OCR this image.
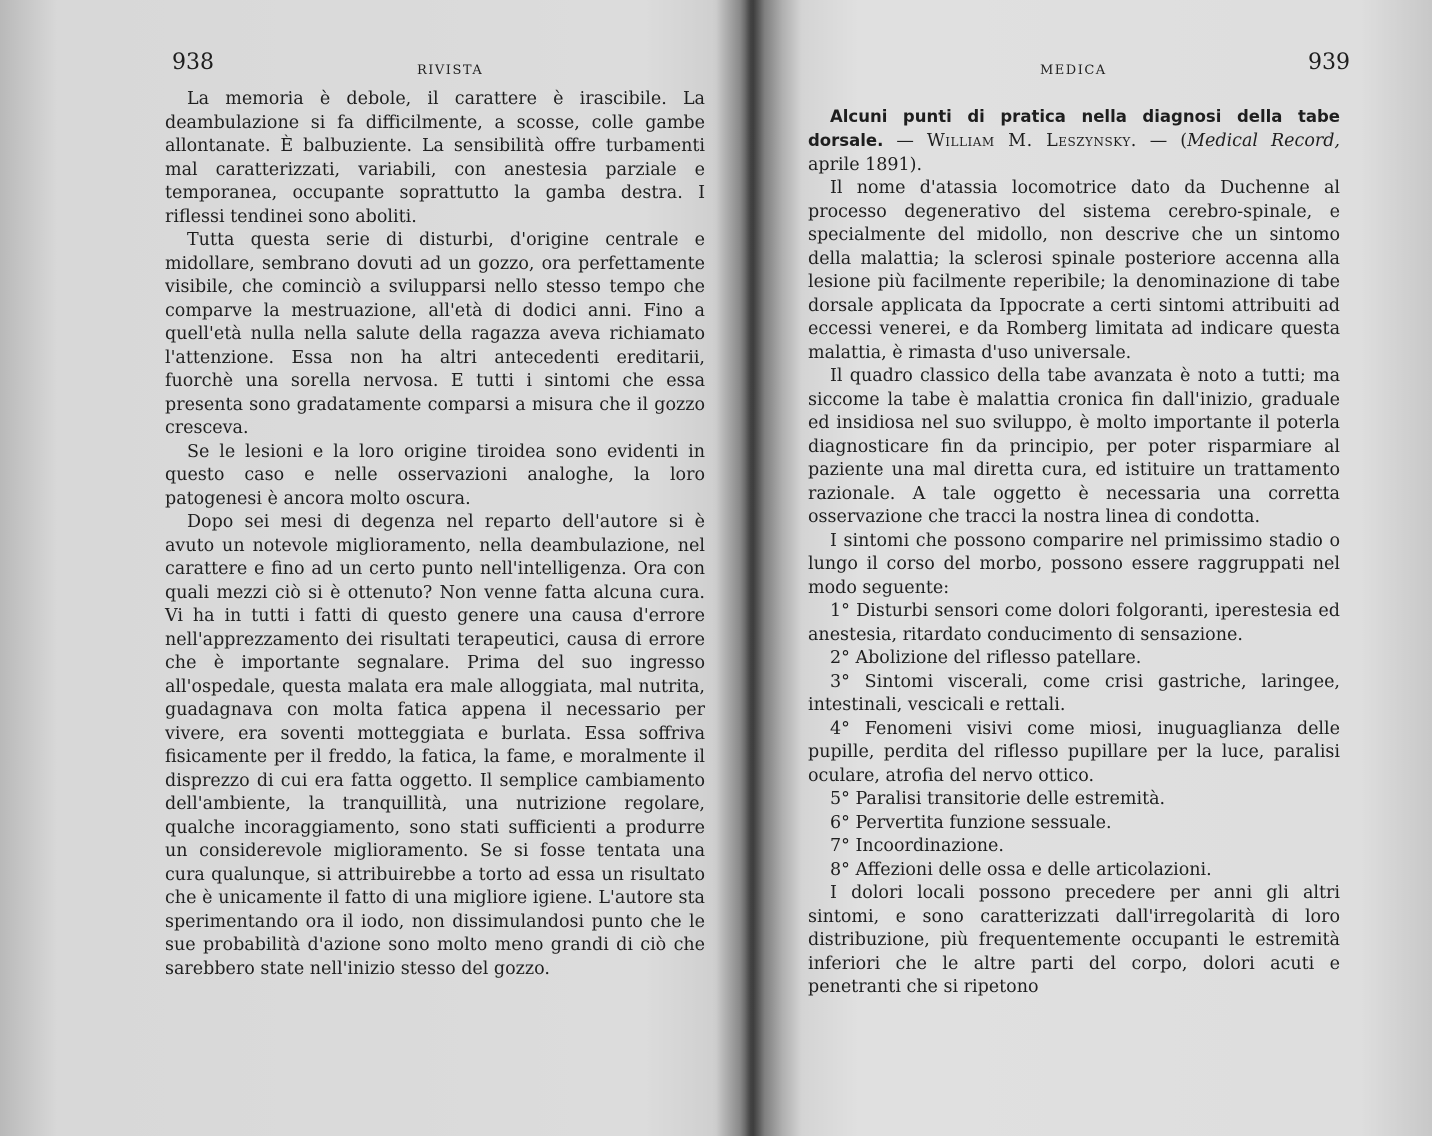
938	RIVISTA

La memoria è debole, il carattere è irascibile. La deambulazione si fa difficilmente, a scosse, colle gambe allontanate. È balbuziente. La sensibilità offre turbamenti mal caratterizzati, variabili, con anestesia parziale e temporanea, occupante soprattutto la gamba destra. I riflessi tendinei sono aboliti.

Tutta questa serie di disturbi, d'origine centrale e midollare, sembrano dovuti ad un gozzo, ora perfettamente visibile, che cominciò a svilupparsi nello stesso tempo che comparve la mestruazione, all'età di dodici anni. Fino a quell'età nulla nella salute della ragazza aveva richiamato l'attenzione. Essa non ha altri antecedenti ereditarii, fuorchè una sorella nervosa. E tutti i sintomi che essa presenta sono gradatamente comparsi a misura che il gozzo cresceva.

Se le lesioni e la loro origine tiroidea sono evidenti in questo caso e nelle osservazioni analoghe, la loro patogenesi è ancora molto oscura.

Dopo sei mesi di degenza nel reparto dell'autore si è avuto un notevole miglioramento, nella deambulazione, nel carattere e fino ad un certo punto nell'intelligenza. Ora con quali mezzi ciò si è ottenuto? Non venne fatta alcuna cura. Vi ha in tutti i fatti di questo genere una causa d'errore nell'apprezzamento dei risultati terapeutici, causa di errore che è importante segnalare. Prima del suo ingresso all'ospedale, questa malata era male alloggiata, mal nutrita, guadagnava con molta fatica appena il necessario per vivere, era soventi motteggiata e burlata. Essa soffriva fisicamente per il freddo, la fatica, la fame, e moralmente il disprezzo di cui era fatta oggetto. Il semplice cambiamento dell'ambiente, la tranquillità, una nutrizione regolare, qualche incoraggiamento, sono stati sufficienti a produrre un considerevole miglioramento. Se si fosse tentata una cura qualunque, si attribuirebbe a torto ad essa un risultato che è unicamente il fatto di una migliore igiene. L'autore sta sperimentando ora il iodo, non dissimulandosi punto che le sue probabilità d'azione sono molto meno grandi di ciò che sarebbero state nell'inizio stesso del gozzo.

MEDICA	939

Alcuni punti di pratica nella diagnosi della tabe dorsale. — William M. Leszynsky. — (Medical Record, aprile 1891).

Il nome d'atassia locomotrice dato da Duchenne al processo degenerativo del sistema cerebro-spinale, e specialmente del midollo, non descrive che un sintomo della malattia; la sclerosi spinale posteriore accenna alla lesione più facilmente reperibile; la denominazione di tabe dorsale applicata da Ippocrate a certi sintomi attribuiti ad eccessi venerei, e da Romberg limitata ad indicare questa malattia, è rimasta d'uso universale.

Il quadro classico della tabe avanzata è noto a tutti; ma siccome la tabe è malattia cronica fin dall'inizio, graduale ed insidiosa nel suo sviluppo, è molto importante il poterla diagnosticare fin da principio, per poter risparmiare al paziente una mal diretta cura, ed istituire un trattamento razionale. A tale oggetto è necessaria una corretta osservazione che tracci la nostra linea di condotta.

I sintomi che possono comparire nel primissimo stadio o lungo il corso del morbo, possono essere raggruppati nel modo seguente:

1° Disturbi sensori come dolori folgoranti, iperestesia ed anestesia, ritardato conducimento di sensazione.

2° Abolizione del riflesso patellare.

3° Sintomi viscerali, come crisi gastriche, laringee, intestinali, vescicali e rettali.

4° Fenomeni visivi come miosi, inuguaglianza delle pupille, perdita del riflesso pupillare per la luce, paralisi oculare, atrofia del nervo ottico.

5° Paralisi transitorie delle estremità.

6° Pervertita funzione sessuale.

7° Incoordinazione.

8° Affezioni delle ossa e delle articolazioni.

I dolori locali possono precedere per anni gli altri sintomi, e sono caratterizzati dall'irregolarità di loro distribuzione, più frequentemente occupanti le estremità inferiori che le altre parti del corpo, dolori acuti e penetranti che si ripetono
